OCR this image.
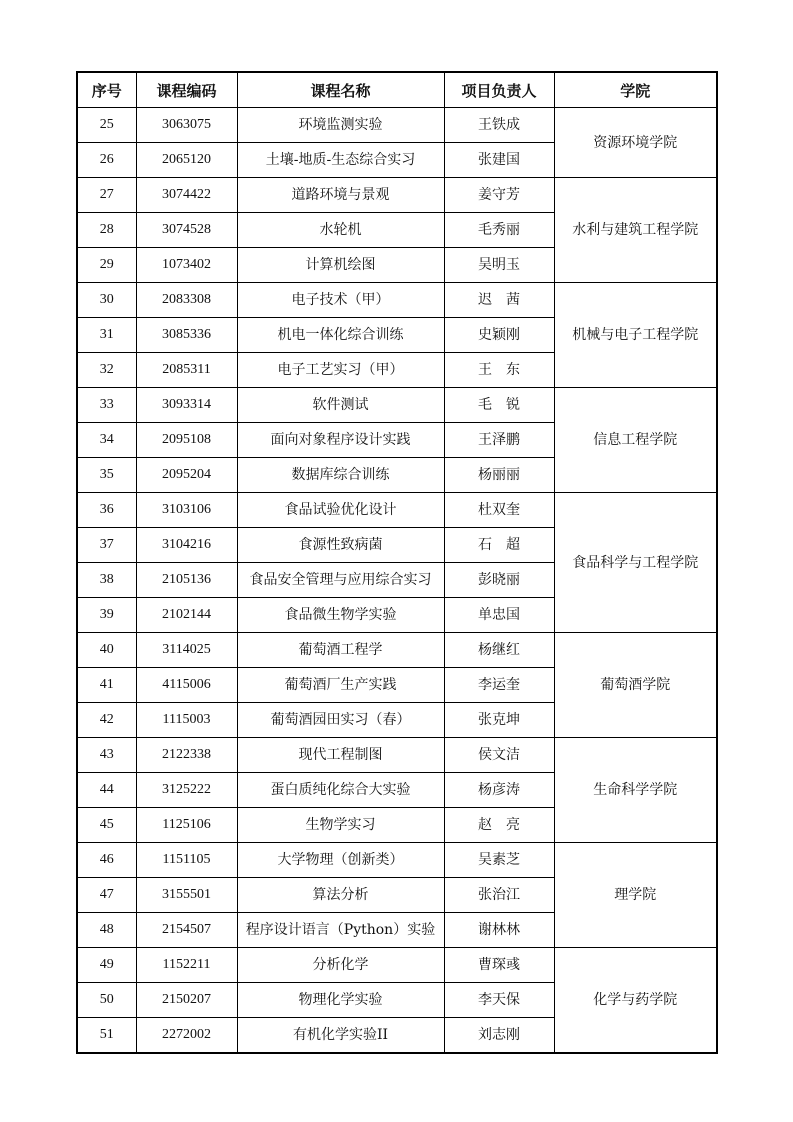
序号	课程编码	课程名称	项目负责人	学院
25	3063075	环境监测实验	王铁成	资源环境学院
26	2065120	土壤-地质-生态综合实习	张建国	
27	3074422	道路环境与景观	姜守芳	水利与建筑工程学院
28	3074528	水轮机	毛秀丽	
29	1073402	计算机绘图	吴明玉	
30	2083308	电子技术（甲）	迟　茜	机械与电子工程学院
31	3085336	机电一体化综合训练	史颖刚	
32	2085311	电子工艺实习（甲）	王　东	
33	3093314	软件测试	毛　锐	信息工程学院
34	2095108	面向对象程序设计实践	王泽鹏	
35	2095204	数据库综合训练	杨丽丽	
36	3103106	食品试验优化设计	杜双奎	食品科学与工程学院
37	3104216	食源性致病菌	石　超	
38	2105136	食品安全管理与应用综合实习	彭晓丽	
39	2102144	食品微生物学实验	单忠国	
40	3114025	葡萄酒工程学	杨继红	葡萄酒学院
41	4115006	葡萄酒厂生产实践	李运奎	
42	1115003	葡萄酒园田实习（春）	张克坤	
43	2122338	现代工程制图	侯文洁	生命科学学院
44	3125222	蛋白质纯化综合大实验	杨彦涛	
45	1125106	生物学实习	赵　亮	
46	1151105	大学物理（创新类）	吴素芝	理学院
47	3155501	算法分析	张治江	
48	2154507	程序设计语言（Python）实验	谢林林	
49	1152211	分析化学	曹琛彧	化学与药学院
50	2150207	物理化学实验	李天保	
51	2272002	有机化学实验II	刘志刚	
